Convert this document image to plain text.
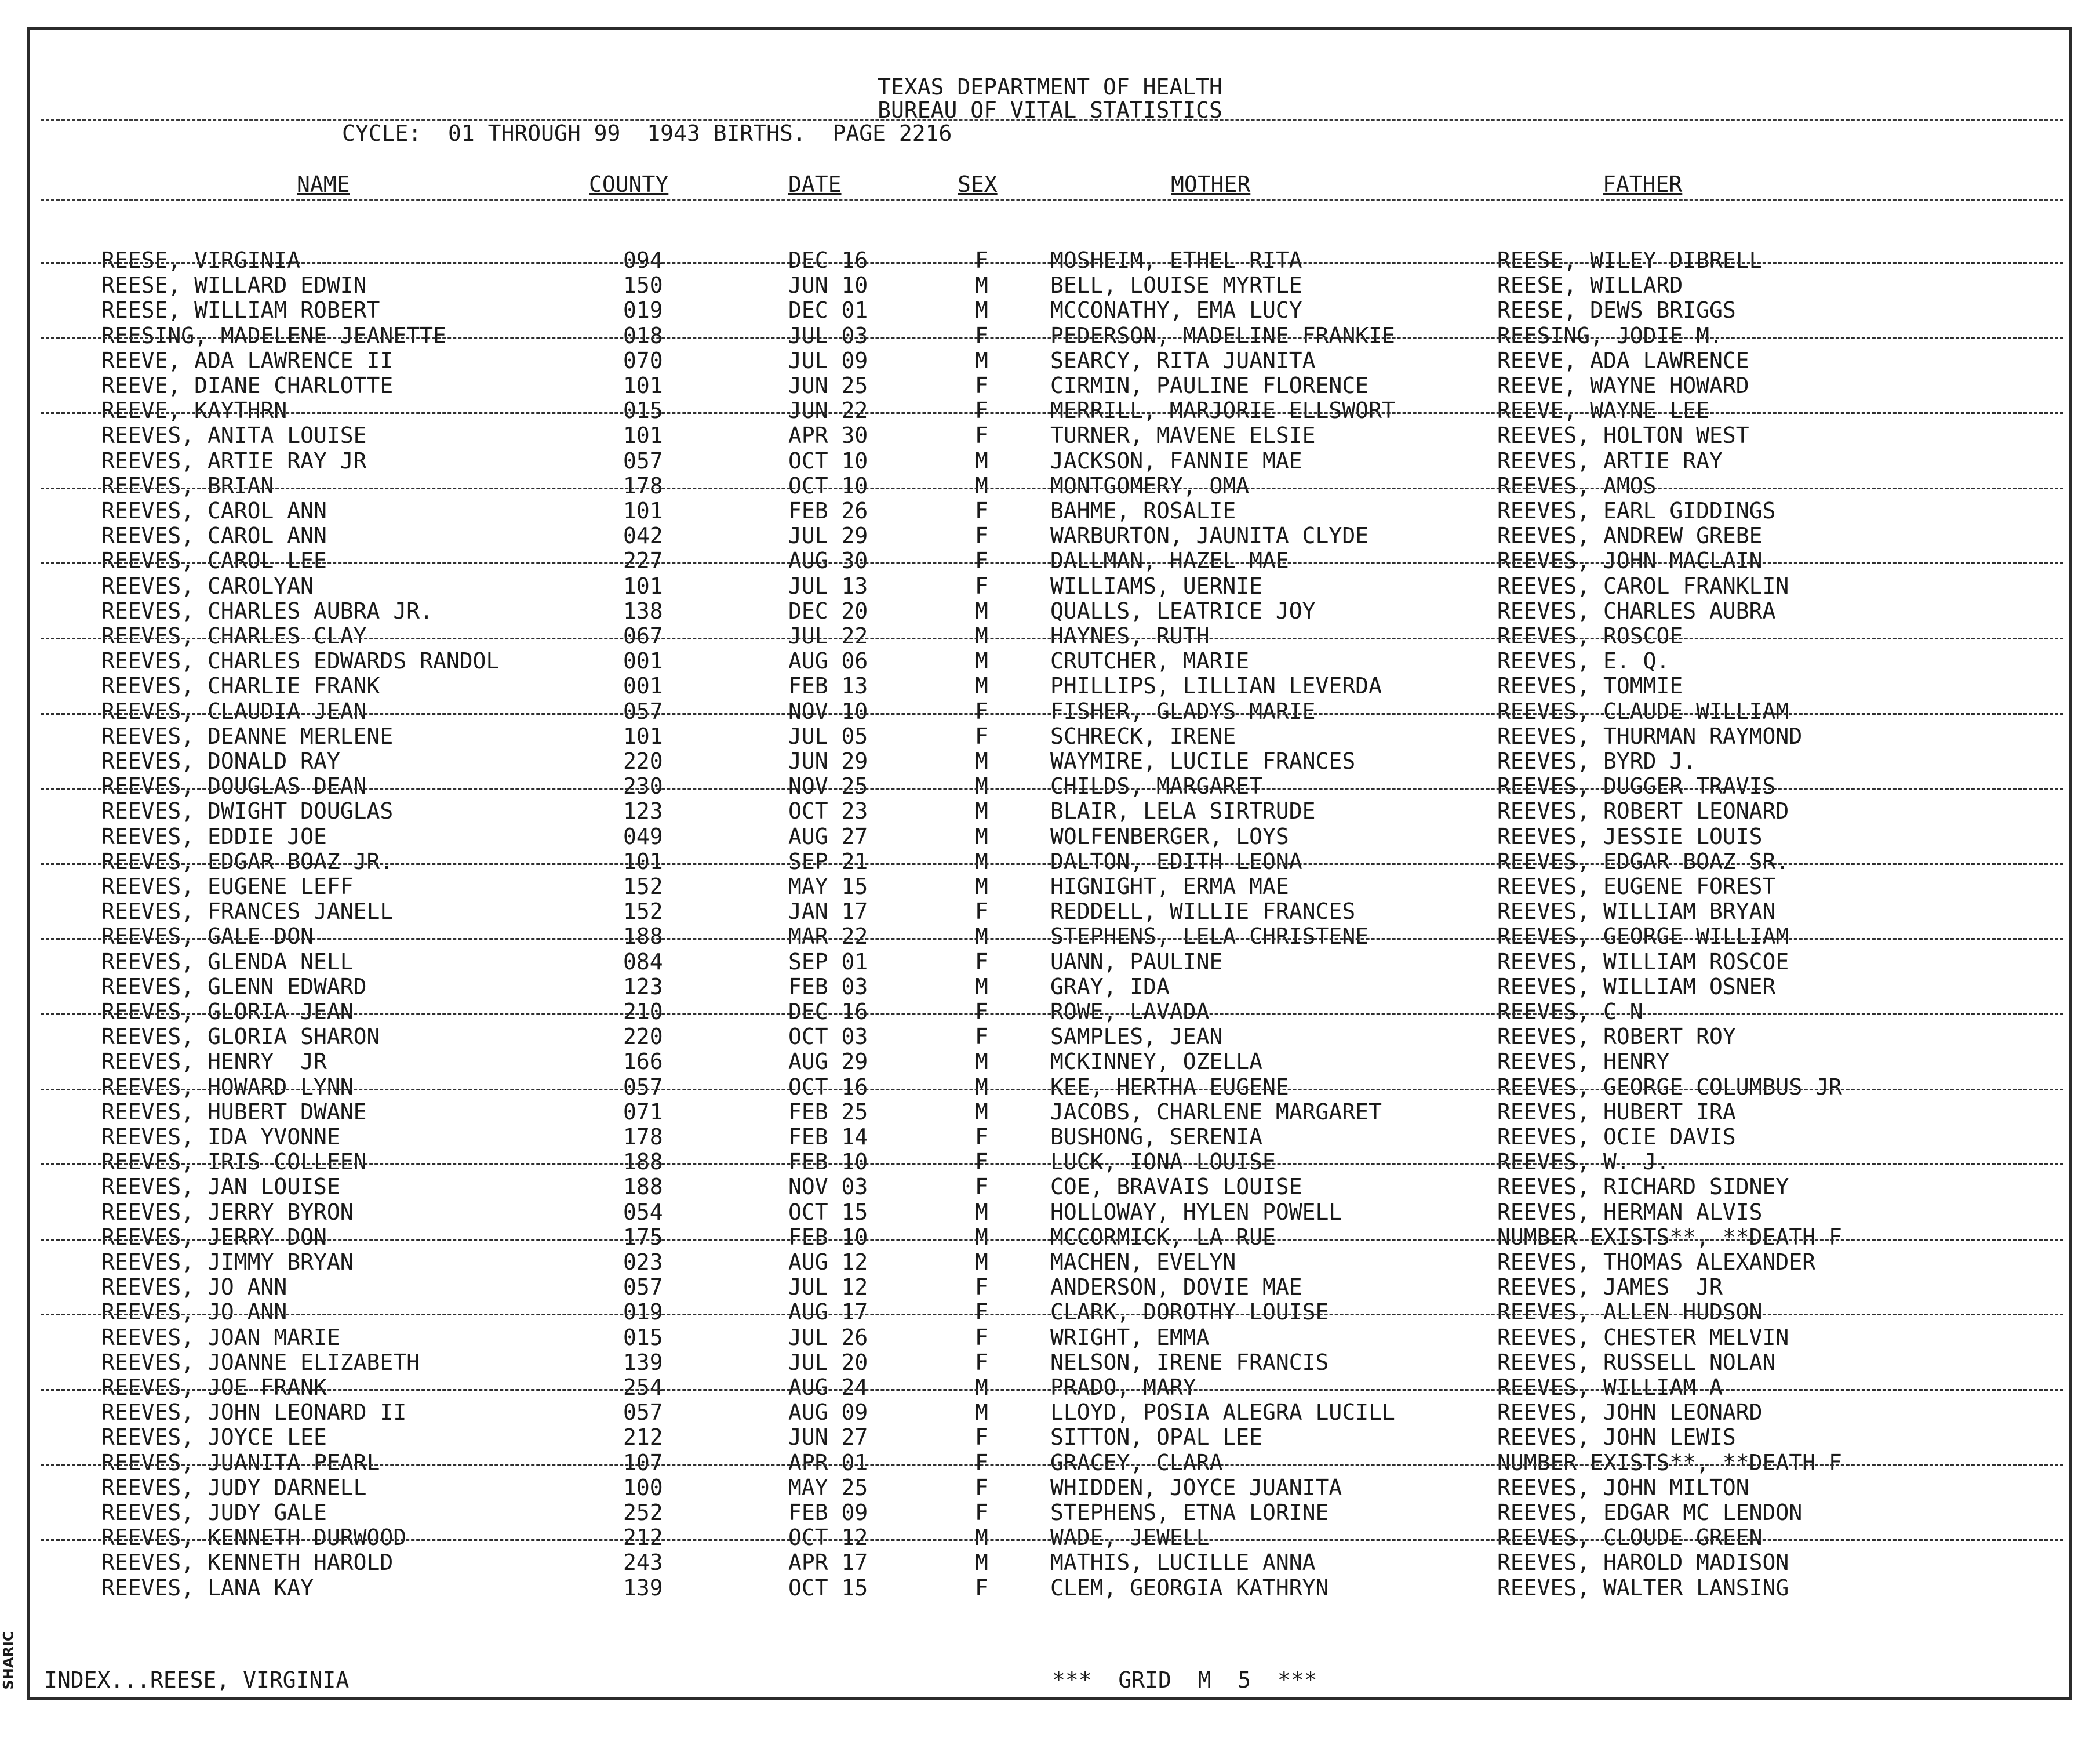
SHARIC
TEXAS DEPARTMENT OF HEALTH
BUREAU OF VITAL STATISTICS
CYCLE:  01 THROUGH 99  1943 BIRTHS.  PAGE 2216
NAME	COUNTY	DATE	SEX	MOTHER	FATHER
REESE, VIRGINIA	094	DEC 16	F	MOSHEIM, ETHEL RITA	REESE, WILEY DIBRELL
REESE, WILLARD EDWIN	150	JUN 10	M	BELL, LOUISE MYRTLE	REESE, WILLARD
REESE, WILLIAM ROBERT	019	DEC 01	M	MCCONATHY, EMA LUCY	REESE, DEWS BRIGGS
REESING, MADELENE JEANETTE	018	JUL 03	F	PEDERSON, MADELINE FRANKIE	REESING, JODIE M.
REEVE, ADA LAWRENCE II	070	JUL 09	M	SEARCY, RITA JUANITA	REEVE, ADA LAWRENCE
REEVE, DIANE CHARLOTTE	101	JUN 25	F	CIRMIN, PAULINE FLORENCE	REEVE, WAYNE HOWARD
REEVE, KAYTHRN	015	JUN 22	F	MERRILL, MARJORIE ELLSWORT	REEVE, WAYNE LEE
REEVES, ANITA LOUISE	101	APR 30	F	TURNER, MAVENE ELSIE	REEVES, HOLTON WEST
REEVES, ARTIE RAY JR	057	OCT 10	M	JACKSON, FANNIE MAE	REEVES, ARTIE RAY
REEVES, BRIAN	178	OCT 10	M	MONTGOMERY, OMA	REEVES, AMOS
REEVES, CAROL ANN	101	FEB 26	F	BAHME, ROSALIE	REEVES, EARL GIDDINGS
REEVES, CAROL ANN	042	JUL 29	F	WARBURTON, JAUNITA CLYDE	REEVES, ANDREW GREBE
REEVES, CAROL LEE	227	AUG 30	F	DALLMAN, HAZEL MAE	REEVES, JOHN MACLAIN
REEVES, CAROLYAN	101	JUL 13	F	WILLIAMS, UERNIE	REEVES, CAROL FRANKLIN
REEVES, CHARLES AUBRA JR.	138	DEC 20	M	QUALLS, LEATRICE JOY	REEVES, CHARLES AUBRA
REEVES, CHARLES CLAY	067	JUL 22	M	HAYNES, RUTH	REEVES, ROSCOE
REEVES, CHARLES EDWARDS RANDOL	001	AUG 06	M	CRUTCHER, MARIE	REEVES, E. Q.
REEVES, CHARLIE FRANK	001	FEB 13	M	PHILLIPS, LILLIAN LEVERDA	REEVES, TOMMIE
REEVES, CLAUDIA JEAN	057	NOV 10	F	FISHER, GLADYS MARIE	REEVES, CLAUDE WILLIAM
REEVES, DEANNE MERLENE	101	JUL 05	F	SCHRECK, IRENE	REEVES, THURMAN RAYMOND
REEVES, DONALD RAY	220	JUN 29	M	WAYMIRE, LUCILE FRANCES	REEVES, BYRD J.
REEVES, DOUGLAS DEAN	230	NOV 25	M	CHILDS, MARGARET	REEVES, DUGGER TRAVIS
REEVES, DWIGHT DOUGLAS	123	OCT 23	M	BLAIR, LELA SIRTRUDE	REEVES, ROBERT LEONARD
REEVES, EDDIE JOE	049	AUG 27	M	WOLFENBERGER, LOYS	REEVES, JESSIE LOUIS
REEVES, EDGAR BOAZ JR.	101	SEP 21	M	DALTON, EDITH LEONA	REEVES, EDGAR BOAZ SR.
REEVES, EUGENE LEFF	152	MAY 15	M	HIGNIGHT, ERMA MAE	REEVES, EUGENE FOREST
REEVES, FRANCES JANELL	152	JAN 17	F	REDDELL, WILLIE FRANCES	REEVES, WILLIAM BRYAN
REEVES, GALE DON	188	MAR 22	M	STEPHENS, LELA CHRISTENE	REEVES, GEORGE WILLIAM
REEVES, GLENDA NELL	084	SEP 01	F	UANN, PAULINE	REEVES, WILLIAM ROSCOE
REEVES, GLENN EDWARD	123	FEB 03	M	GRAY, IDA	REEVES, WILLIAM OSNER
REEVES, GLORIA JEAN	210	DEC 16	F	ROWE, LAVADA	REEVES, C N
REEVES, GLORIA SHARON	220	OCT 03	F	SAMPLES, JEAN	REEVES, ROBERT ROY
REEVES, HENRY  JR	166	AUG 29	M	MCKINNEY, OZELLA	REEVES, HENRY
REEVES, HOWARD LYNN	057	OCT 16	M	KEE, HERTHA EUGENE	REEVES, GEORGE COLUMBUS JR
REEVES, HUBERT DWANE	071	FEB 25	M	JACOBS, CHARLENE MARGARET	REEVES, HUBERT IRA
REEVES, IDA YVONNE	178	FEB 14	F	BUSHONG, SERENIA	REEVES, OCIE DAVIS
REEVES, IRIS COLLEEN	188	FEB 10	F	LUCK, IONA LOUISE	REEVES, W. J.
REEVES, JAN LOUISE	188	NOV 03	F	COE, BRAVAIS LOUISE	REEVES, RICHARD SIDNEY
REEVES, JERRY BYRON	054	OCT 15	M	HOLLOWAY, HYLEN POWELL	REEVES, HERMAN ALVIS
REEVES, JERRY DON	175	FEB 10	M	MCCORMICK, LA RUE	NUMBER EXISTS**, **DEATH F
REEVES, JIMMY BRYAN	023	AUG 12	M	MACHEN, EVELYN	REEVES, THOMAS ALEXANDER
REEVES, JO ANN	057	JUL 12	F	ANDERSON, DOVIE MAE	REEVES, JAMES  JR
REEVES, JO ANN	019	AUG 17	F	CLARK, DOROTHY LOUISE	REEVES, ALLEN HUDSON
REEVES, JOAN MARIE	015	JUL 26	F	WRIGHT, EMMA	REEVES, CHESTER MELVIN
REEVES, JOANNE ELIZABETH	139	JUL 20	F	NELSON, IRENE FRANCIS	REEVES, RUSSELL NOLAN
REEVES, JOE FRANK	254	AUG 24	M	PRADO, MARY	REEVES, WILLIAM A
REEVES, JOHN LEONARD II	057	AUG 09	M	LLOYD, POSIA ALEGRA LUCILL	REEVES, JOHN LEONARD
REEVES, JOYCE LEE	212	JUN 27	F	SITTON, OPAL LEE	REEVES, JOHN LEWIS
REEVES, JUANITA PEARL	107	APR 01	F	GRACEY, CLARA	NUMBER EXISTS**, **DEATH F
REEVES, JUDY DARNELL	100	MAY 25	F	WHIDDEN, JOYCE JUANITA	REEVES, JOHN MILTON
REEVES, JUDY GALE	252	FEB 09	F	STEPHENS, ETNA LORINE	REEVES, EDGAR MC LENDON
REEVES, KENNETH DURWOOD	212	OCT 12	M	WADE, JEWELL	REEVES, CLOUDE GREEN
REEVES, KENNETH HAROLD	243	APR 17	M	MATHIS, LUCILLE ANNA	REEVES, HAROLD MADISON
REEVES, LANA KAY	139	OCT 15	F	CLEM, GEORGIA KATHRYN	REEVES, WALTER LANSING
INDEX...REESE, VIRGINIA	***  GRID  M  5  ***
